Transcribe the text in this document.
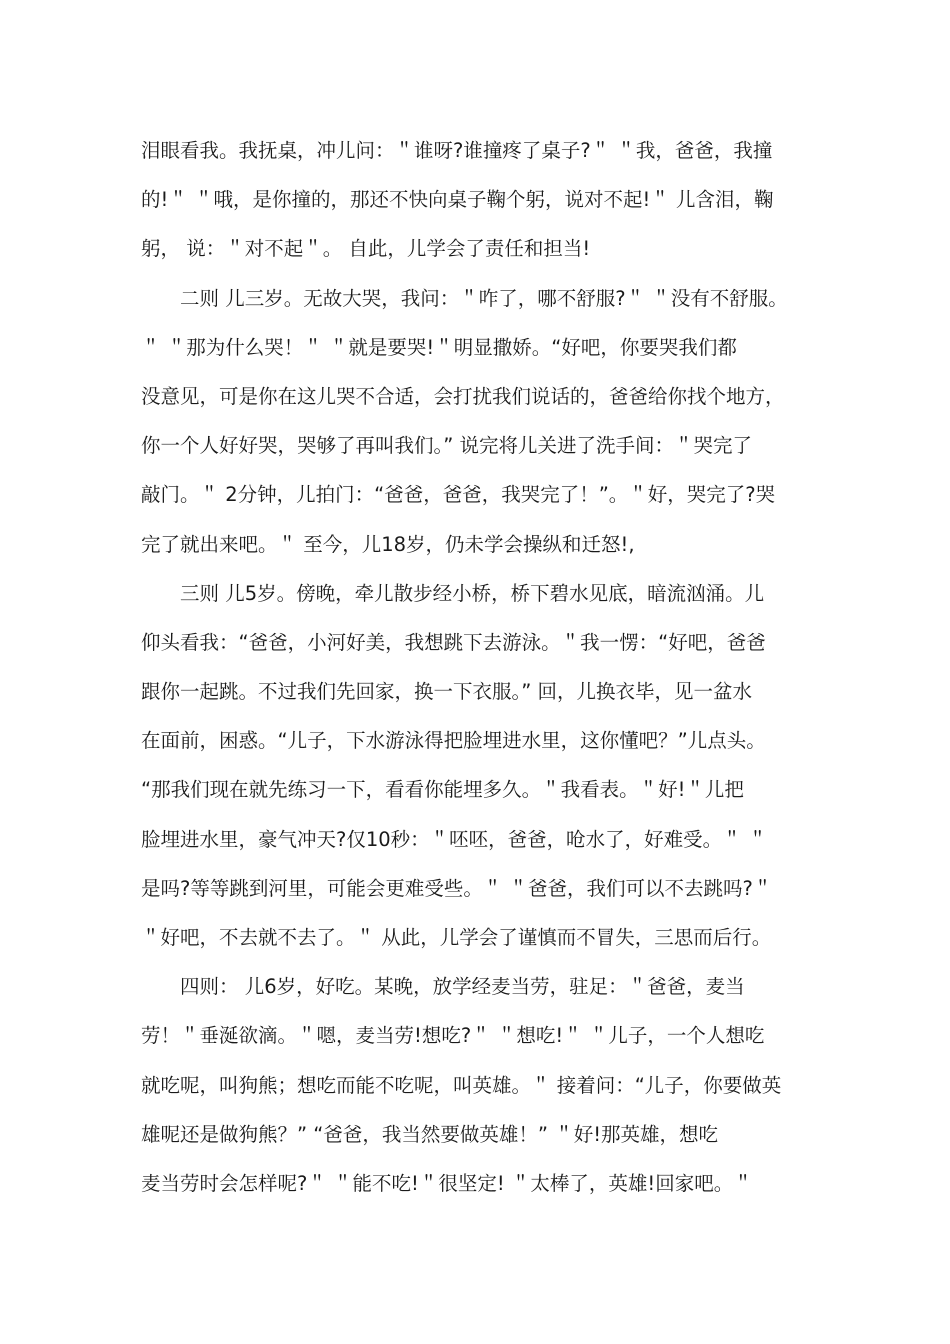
泪眼看我。我抚桌，冲儿问：＂谁呀?谁撞疼了桌子?＂ ＂我，爸爸，我撞
的!＂ ＂哦，是你撞的，那还不快向桌子鞠个躬，说对不起!＂ 儿含泪，鞠
躬， 说：＂对不起＂。 自此，儿学会了责任和担当!
　　二则 儿三岁。无故大哭，我问：＂咋了，哪不舒服?＂ ＂没有不舒服。
＂ ＂那为什么哭！＂ ＂就是要哭!＂明显撒娇。“好吧，你要哭我们都
没意见，可是你在这儿哭不合适，会打扰我们说话的，爸爸给你找个地方，
你一个人好好哭，哭够了再叫我们。” 说完将儿关进了洗手间：＂哭完了
敲门。＂ 2分钟，儿拍门：“爸爸，爸爸，我哭完了！”。＂好，哭完了?哭
完了就出来吧。＂ 至今，儿18岁，仍未学会操纵和迁怒!,
　　三则 儿5岁。傍晚，牵儿散步经小桥，桥下碧水见底，暗流汹涌。儿
仰头看我：“爸爸，小河好美，我想跳下去游泳。＂我一愣：“好吧，爸爸
跟你一起跳。不过我们先回家，换一下衣服。” 回，儿换衣毕，见一盆水
在面前，困惑。“儿子，下水游泳得把脸埋进水里，这你懂吧？”儿点头。
“那我们现在就先练习一下，看看你能埋多久。＂我看表。＂好!＂儿把
脸埋进水里，豪气冲天?仅10秒：＂呸呸，爸爸，呛水了，好难受。＂ ＂
是吗?等等跳到河里，可能会更难受些。＂ ＂爸爸，我们可以不去跳吗?＂
＂好吧，不去就不去了。＂ 从此，儿学会了谨慎而不冒失，三思而后行。
　　四则： 儿6岁，好吃。某晚，放学经麦当劳，驻足：＂爸爸，麦当
劳！＂垂涎欲滴。＂嗯，麦当劳!想吃?＂ ＂想吃!＂ ＂儿子，一个人想吃
就吃呢，叫狗熊；想吃而能不吃呢，叫英雄。＂ 接着问：“儿子，你要做英
雄呢还是做狗熊？” “爸爸，我当然要做英雄！” ＂好!那英雄，想吃
麦当劳时会怎样呢?＂ ＂能不吃!＂很坚定! ＂太棒了，英雄!回家吧。＂
